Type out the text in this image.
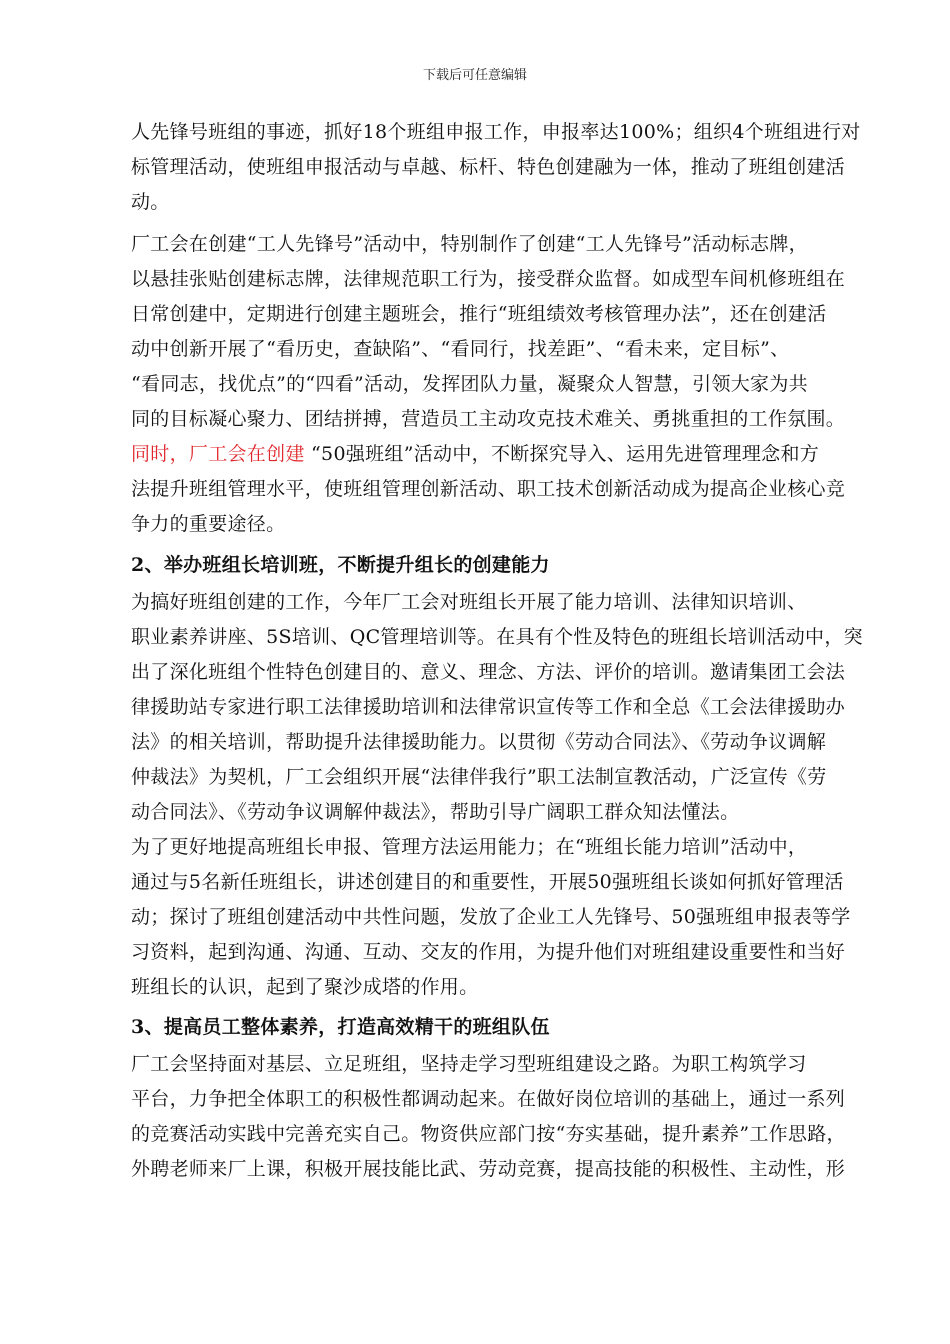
下载后可任意编辑
人先锋号班组的事迹，抓好18个班组申报工作，申报率达100%；组织4个班组进行对
标管理活动，使班组申报活动与卓越、标杆、特色创建融为一体，推动了班组创建活
动。
厂工会在创建“工人先锋号”活动中，特别制作了创建“工人先锋号”活动标志牌，
以悬挂张贴创建标志牌，法律规范职工行为，接受群众监督。如成型车间机修班组在
日常创建中，定期进行创建主题班会，推行“班组绩效考核管理办法”，还在创建活
动中创新开展了“看历史，查缺陷”、“看同行，找差距”、“看未来，定目标”、
“看同志，找优点”的“四看”活动，发挥团队力量，凝聚众人智慧，引领大家为共
同的目标凝心聚力、团结拼搏，营造员工主动攻克技术难关、勇挑重担的工作氛围。
同时，厂工会在创建 “50强班组”活动中，不断探究导入、运用先进管理理念和方
法提升班组管理水平，使班组管理创新活动、职工技术创新活动成为提高企业核心竞
争力的重要途径。
2、举办班组长培训班，不断提升组长的创建能力
为搞好班组创建的工作，今年厂工会对班组长开展了能力培训、法律知识培训、
职业素养讲座、5S培训、QC管理培训等。在具有个性及特色的班组长培训活动中，突
出了深化班组个性特色创建目的、意义、理念、方法、评价的培训。邀请集团工会法
律援助站专家进行职工法律援助培训和法律常识宣传等工作和全总《工会法律援助办
法》的相关培训，帮助提升法律援助能力。以贯彻《劳动合同法》、《劳动争议调解
仲裁法》为契机，厂工会组织开展“法律伴我行”职工法制宣教活动，广泛宣传《劳
动合同法》、《劳动争议调解仲裁法》，帮助引导广阔职工群众知法懂法。
为了更好地提高班组长申报、管理方法运用能力；在“班组长能力培训”活动中，
通过与5名新任班组长，讲述创建目的和重要性，开展50强班组长谈如何抓好管理活
动；探讨了班组创建活动中共性问题，发放了企业工人先锋号、50强班组申报表等学
习资料，起到沟通、沟通、互动、交友的作用，为提升他们对班组建设重要性和当好
班组长的认识，起到了聚沙成塔的作用。
3、提高员工整体素养，打造高效精干的班组队伍
厂工会坚持面对基层、立足班组，坚持走学习型班组建设之路。为职工构筑学习
平台，力争把全体职工的积极性都调动起来。在做好岗位培训的基础上，通过一系列
的竞赛活动实践中完善充实自己。物资供应部门按“夯实基础，提升素养”工作思路，
外聘老师来厂上课，积极开展技能比武、劳动竞赛，提高技能的积极性、主动性，形
